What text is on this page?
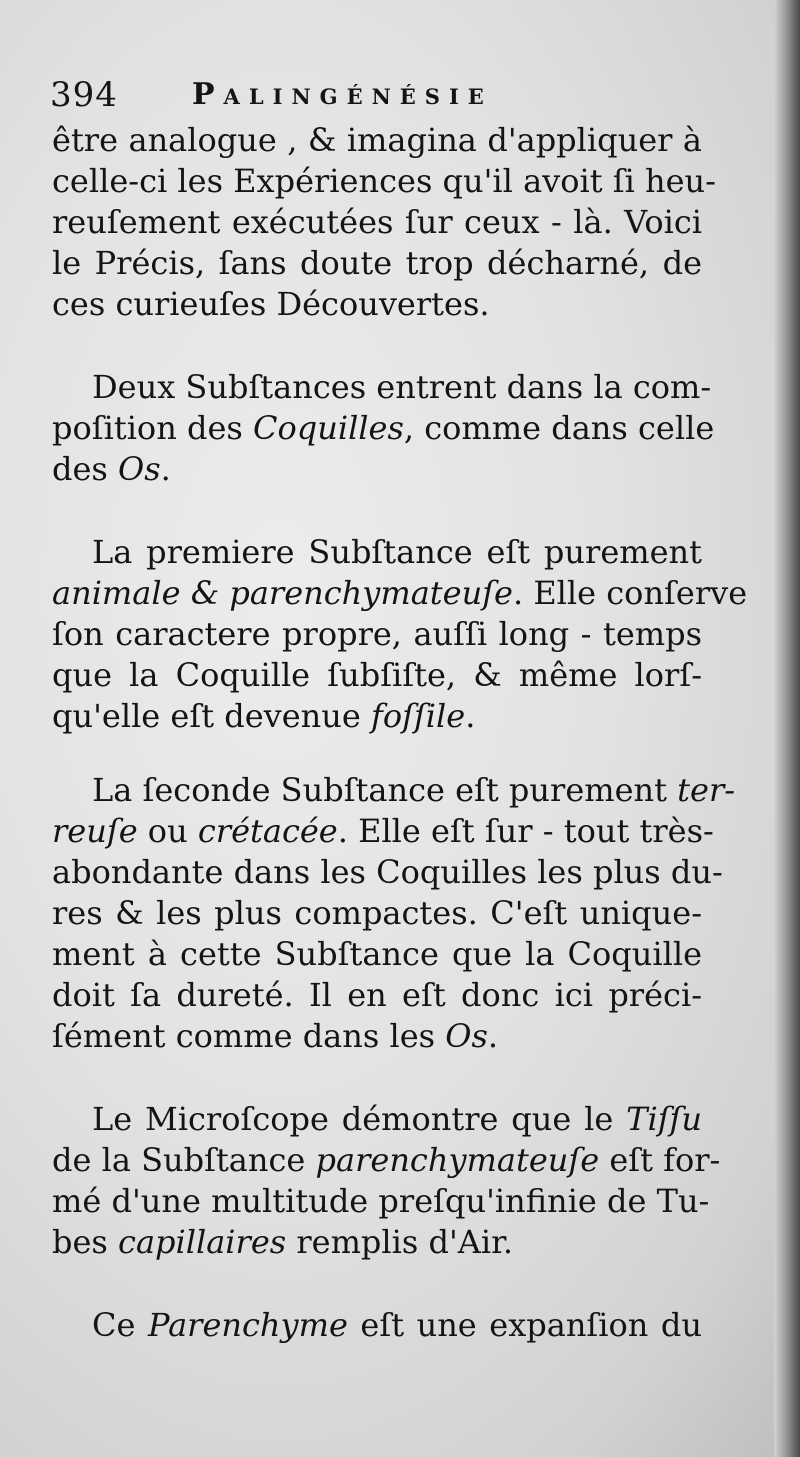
394 Palingénésie
être analogue , & imagina d'appliquer à
celle-ci les Expériences qu'il avoit ſi heu-
reuſement exécutées ſur ceux - là. Voici
le Précis, ſans doute trop décharné, de
ces curieuſes Découvertes.
Deux Subſtances entrent dans la com-
poſition des Coquilles, comme dans celle
des Os.
La premiere Subſtance eſt purement
animale & parenchymateuſe. Elle conſerve
ſon caractere propre, auſſi long - temps
que la Coquille ſubſiſte, & même lorſ-
qu'elle eſt devenue foſſile.
La ſeconde Subſtance eſt purement ter-
reuſe ou crétacée. Elle eſt ſur - tout très-
abondante dans les Coquilles les plus du-
res & les plus compactes. C'eſt unique-
ment à cette Subſtance que la Coquille
doit ſa dureté. Il en eſt donc ici préci-
ſément comme dans les Os.
Le Microſcope démontre que le Tiſſu
de la Subſtance parenchymateuſe eſt for-
mé d'une multitude preſqu'infinie de Tu-
bes capillaires remplis d'Air.
Ce Parenchyme eſt une expanſion du
